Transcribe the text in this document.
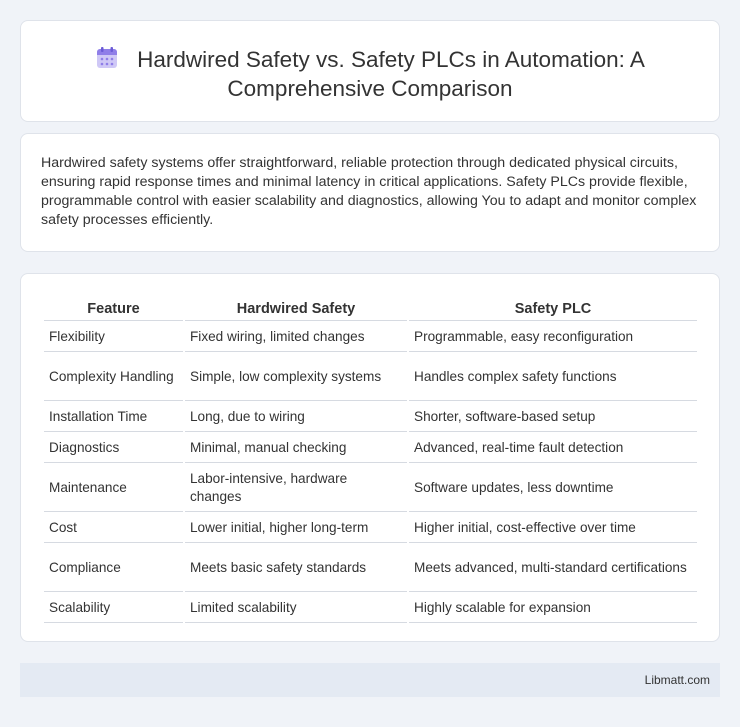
Hardwired Safety vs. Safety PLCs in Automation: A Comprehensive Comparison

Hardwired safety systems offer straightforward, reliable protection through dedicated physical circuits, ensuring rapid response times and minimal latency in critical applications. Safety PLCs provide flexible, programmable control with easier scalability and diagnostics, allowing You to adapt and monitor complex safety processes efficiently.

Feature	Hardwired Safety	Safety PLC
Flexibility	Fixed wiring, limited changes	Programmable, easy reconfiguration
Complexity Handling	Simple, low complexity systems	Handles complex safety functions
Installation Time	Long, due to wiring	Shorter, software-based setup
Diagnostics	Minimal, manual checking	Advanced, real-time fault detection
Maintenance	Labor-intensive, hardware changes	Software updates, less downtime
Cost	Lower initial, higher long-term	Higher initial, cost-effective over time
Compliance	Meets basic safety standards	Meets advanced, multi-standard certifications
Scalability	Limited scalability	Highly scalable for expansion
Libmatt.com
